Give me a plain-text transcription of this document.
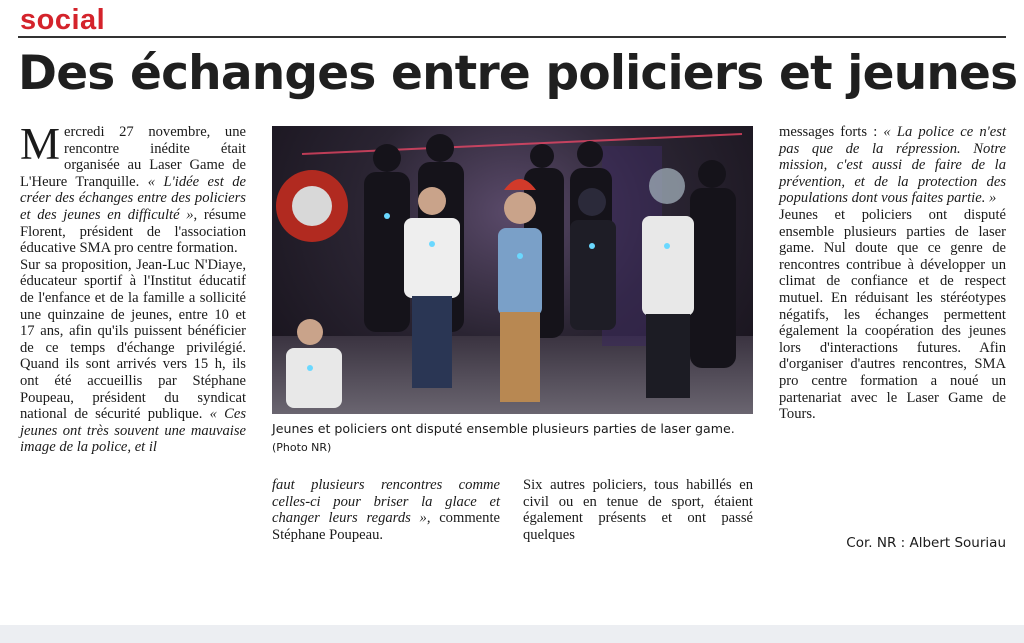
social
Des échanges entre policiers et jeunes

Mercredi 27 novembre, une rencontre inédite était organisée au Laser Game de L'Heure Tranquille. « L'idée est de créer des échanges entre des policiers et des jeunes en difficulté », résume Florent, président de l'association éducative SMA pro centre formation.

Sur sa proposition, Jean-Luc N'Diaye, éducateur sportif à l'Institut éducatif de l'enfance et de la famille a sollicité une quinzaine de jeunes, entre 10 et 17 ans, afin qu'ils puissent bénéficier de ce temps d'échange privilégié. Quand ils sont arrivés vers 15 h, ils ont été accueillis par Stéphane Poupeau, président du syndicat national de sécurité publique. « Ces jeunes ont très souvent une mauvaise image de la police, et il

Jeunes et policiers ont disputé ensemble plusieurs parties de laser game. (Photo NR)

faut plusieurs rencontres comme celles-ci pour briser la glace et changer leurs regards », commente Stéphane Poupeau.

Six autres policiers, tous habillés en civil ou en tenue de sport, étaient également présents et ont passé quelques

messages forts : « La police ce n'est pas que de la répression. Notre mission, c'est aussi de faire de la prévention, et de la protection des populations dont vous faites partie. »

Jeunes et policiers ont disputé ensemble plusieurs parties de laser game. Nul doute que ce genre de rencontres contribue à développer un climat de confiance et de respect mutuel. En réduisant les stéréotypes négatifs, les échanges permettent également la coopération des jeunes lors d'interactions futures. Afin d'organiser d'autres rencontres, SMA pro centre formation a noué un partenariat avec le Laser Game de Tours.

Cor. NR : Albert Souriau
